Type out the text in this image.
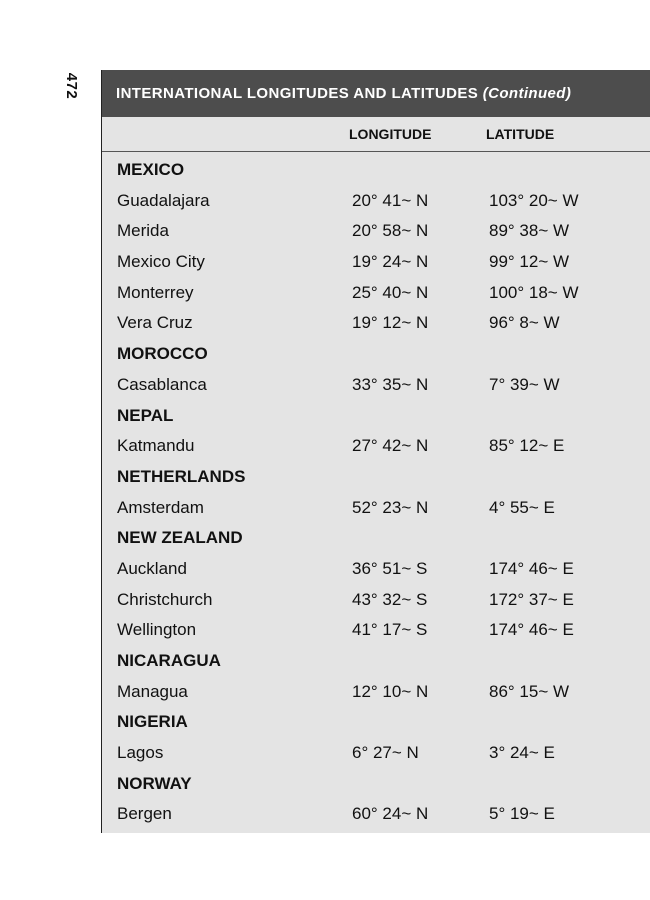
472	INTERNATIONAL LONGITUDES AND LATITUDES
(Continued)
LONGITUDE	LATITUDE
MEXICO
Guadalajara	20° 41~ N	103° 20~ W
Merida	20° 58~ N	89° 38~ W
Mexico City	19° 24~ N	99° 12~ W
Monterrey	25° 40~ N	100° 18~ W
Vera Cruz	19° 12~ N	96° 8~ W
MOROCCO
Casablanca	33° 35~ N	7° 39~ W
NEPAL
Katmandu	27° 42~ N	85° 12~ E
NETHERLANDS
Amsterdam	52° 23~ N	4° 55~ E
NEW ZEALAND
Auckland	36° 51~ S	174° 46~ E
Christchurch	43° 32~ S	172° 37~ E
Wellington	41° 17~ S	174° 46~ E
NICARAGUA
Managua	12° 10~ N	86° 15~ W
NIGERIA
Lagos	6° 27~ N	3° 24~ E
NORWAY
Bergen	60° 24~ N	5° 19~ E
